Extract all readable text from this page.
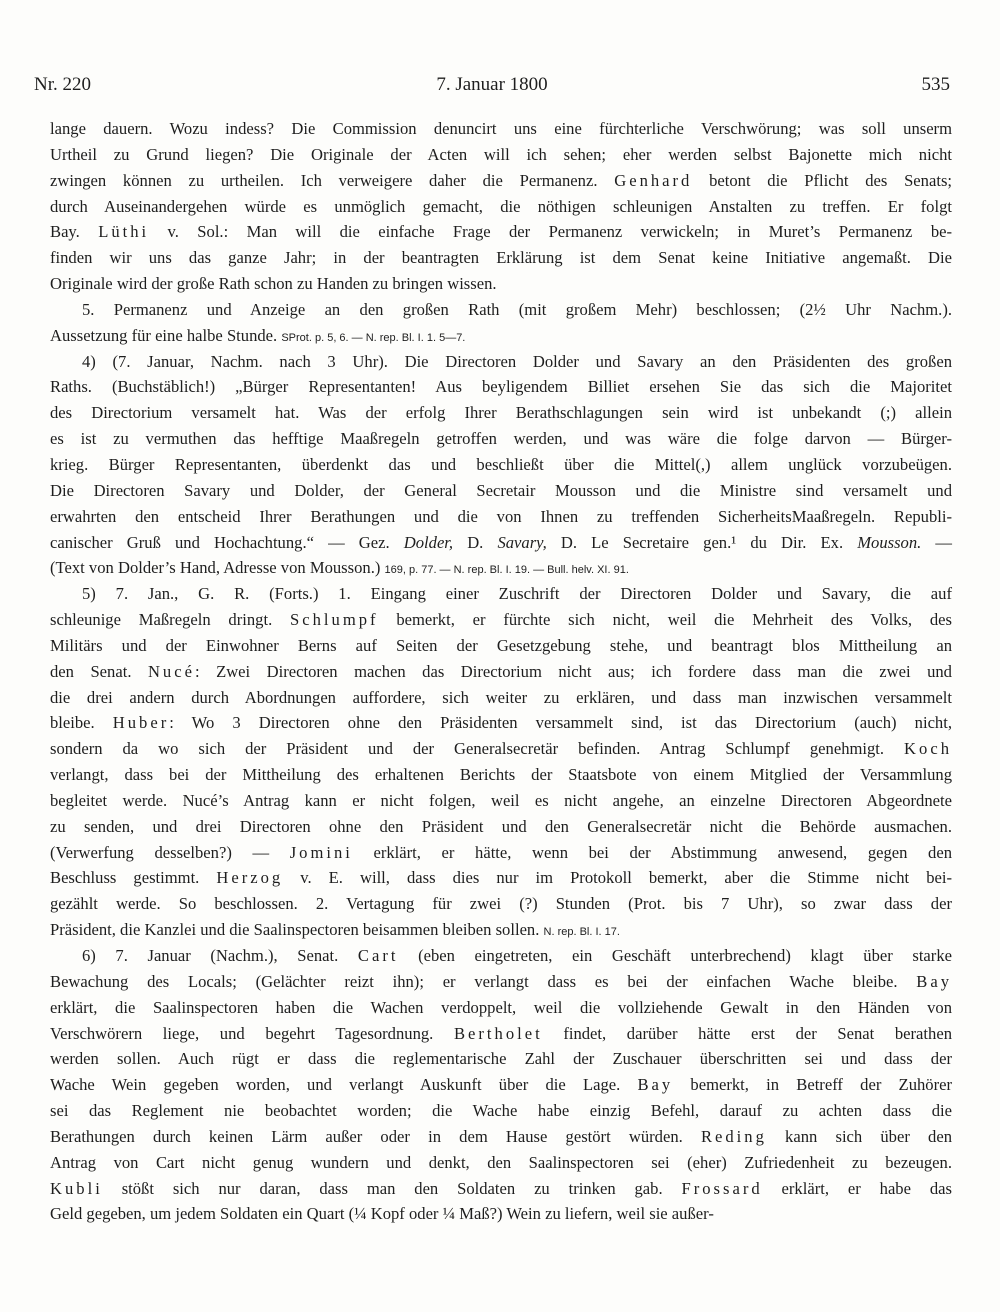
Nr. 220	7. Januar 1800	535
lange dauern. Wozu indess? Die Commission denuncirt uns eine fürchterliche Verschwörung; was soll unserm
Urtheil zu Grund liegen? Die Originale der Acten will ich sehen; eher werden selbst Bajonette mich nicht
zwingen können zu urtheilen. Ich verweigere daher die Permanenz. Genhard betont die Pflicht des Senats;
durch Auseinandergehen würde es unmöglich gemacht, die nöthigen schleunigen Anstalten zu treffen. Er folgt
Bay. Lüthi v. Sol.: Man will die einfache Frage der Permanenz verwickeln; in Muret’s Permanenz be-
finden wir uns das ganze Jahr; in der beantragten Erklärung ist dem Senat keine Initiative angemaßt. Die
Originale wird der große Rath schon zu Handen zu bringen wissen.
5. Permanenz und Anzeige an den großen Rath (mit großem Mehr) beschlossen; (2½ Uhr Nachm.).
Aussetzung für eine halbe Stunde. SProt. p. 5, 6. — N. rep. Bl. I. 1. 5—7.
4) (7. Januar, Nachm. nach 3 Uhr). Die Directoren Dolder und Savary an den Präsidenten des großen
Raths. (Buchstäblich!) „Bürger Representanten! Aus beyligendem Billiet ersehen Sie das sich die Majoritet
des Directorium versamelt hat. Was der erfolg Ihrer Berathschlagungen sein wird ist unbekandt (;) allein
es ist zu vermuthen das hefftige Maaßregeln getroffen werden, und was wäre die folge darvon — Bürger-
krieg. Bürger Representanten, überdenkt das und beschließt über die Mittel(,) allem unglück vorzubeügen.
Die Directoren Savary und Dolder, der General Secretair Mousson und die Ministre sind versamelt und
erwahrten den entscheid Ihrer Berathungen und die von Ihnen zu treffenden SicherheitsMaaßregeln. Republi-
canischer Gruß und Hochachtung.“ — Gez. Dolder, D. Savary, D. Le Secretaire gen.¹ du Dir. Ex. Mousson. —
(Text von Dolder’s Hand, Adresse von Mousson.) 169, p. 77. — N. rep. Bl. I. 19. — Bull. helv. XI. 91.
5) 7. Jan., G. R. (Forts.) 1. Eingang einer Zuschrift der Directoren Dolder und Savary, die auf
schleunige Maßregeln dringt. Schlumpf bemerkt, er fürchte sich nicht, weil die Mehrheit des Volks, des
Militärs und der Einwohner Berns auf Seiten der Gesetzgebung stehe, und beantragt blos Mittheilung an
den Senat. Nucé: Zwei Directoren machen das Directorium nicht aus; ich fordere dass man die zwei und
die drei andern durch Abordnungen auffordere, sich weiter zu erklären, und dass man inzwischen versammelt
bleibe. Huber: Wo 3 Directoren ohne den Präsidenten versammelt sind, ist das Directorium (auch) nicht,
sondern da wo sich der Präsident und der Generalsecretär befinden. Antrag Schlumpf genehmigt. Koch
verlangt, dass bei der Mittheilung des erhaltenen Berichts der Staatsbote von einem Mitglied der Versammlung
begleitet werde. Nucé’s Antrag kann er nicht folgen, weil es nicht angehe, an einzelne Directoren Abgeordnete
zu senden, und drei Directoren ohne den Präsident und den Generalsecretär nicht die Behörde ausmachen.
(Verwerfung desselben?) — Jomini erklärt, er hätte, wenn bei der Abstimmung anwesend, gegen den
Beschluss gestimmt. Herzog v. E. will, dass dies nur im Protokoll bemerkt, aber die Stimme nicht bei-
gezählt werde. So beschlossen. 2. Vertagung für zwei (?) Stunden (Prot. bis 7 Uhr), so zwar dass der
Präsident, die Kanzlei und die Saalinspectoren beisammen bleiben sollen. N. rep. Bl. I. 17.
6) 7. Januar (Nachm.), Senat. Cart (eben eingetreten, ein Geschäft unterbrechend) klagt über starke
Bewachung des Locals; (Gelächter reizt ihn); er verlangt dass es bei der einfachen Wache bleibe. Bay
erklärt, die Saalinspectoren haben die Wachen verdoppelt, weil die vollziehende Gewalt in den Händen von
Verschwörern liege, und begehrt Tagesordnung. Bertholet findet, darüber hätte erst der Senat berathen
werden sollen. Auch rügt er dass die reglementarische Zahl der Zuschauer überschritten sei und dass der
Wache Wein gegeben worden, und verlangt Auskunft über die Lage. Bay bemerkt, in Betreff der Zuhörer
sei das Reglement nie beobachtet worden; die Wache habe einzig Befehl, darauf zu achten dass die
Berathungen durch keinen Lärm außer oder in dem Hause gestört würden. Reding kann sich über den
Antrag von Cart nicht genug wundern und denkt, den Saalinspectoren sei (eher) Zufriedenheit zu bezeugen.
Kubli stößt sich nur daran, dass man den Soldaten zu trinken gab. Frossard erklärt, er habe das
Geld gegeben, um jedem Soldaten ein Quart (¼ Kopf oder ¼ Maß?) Wein zu liefern, weil sie außer-
